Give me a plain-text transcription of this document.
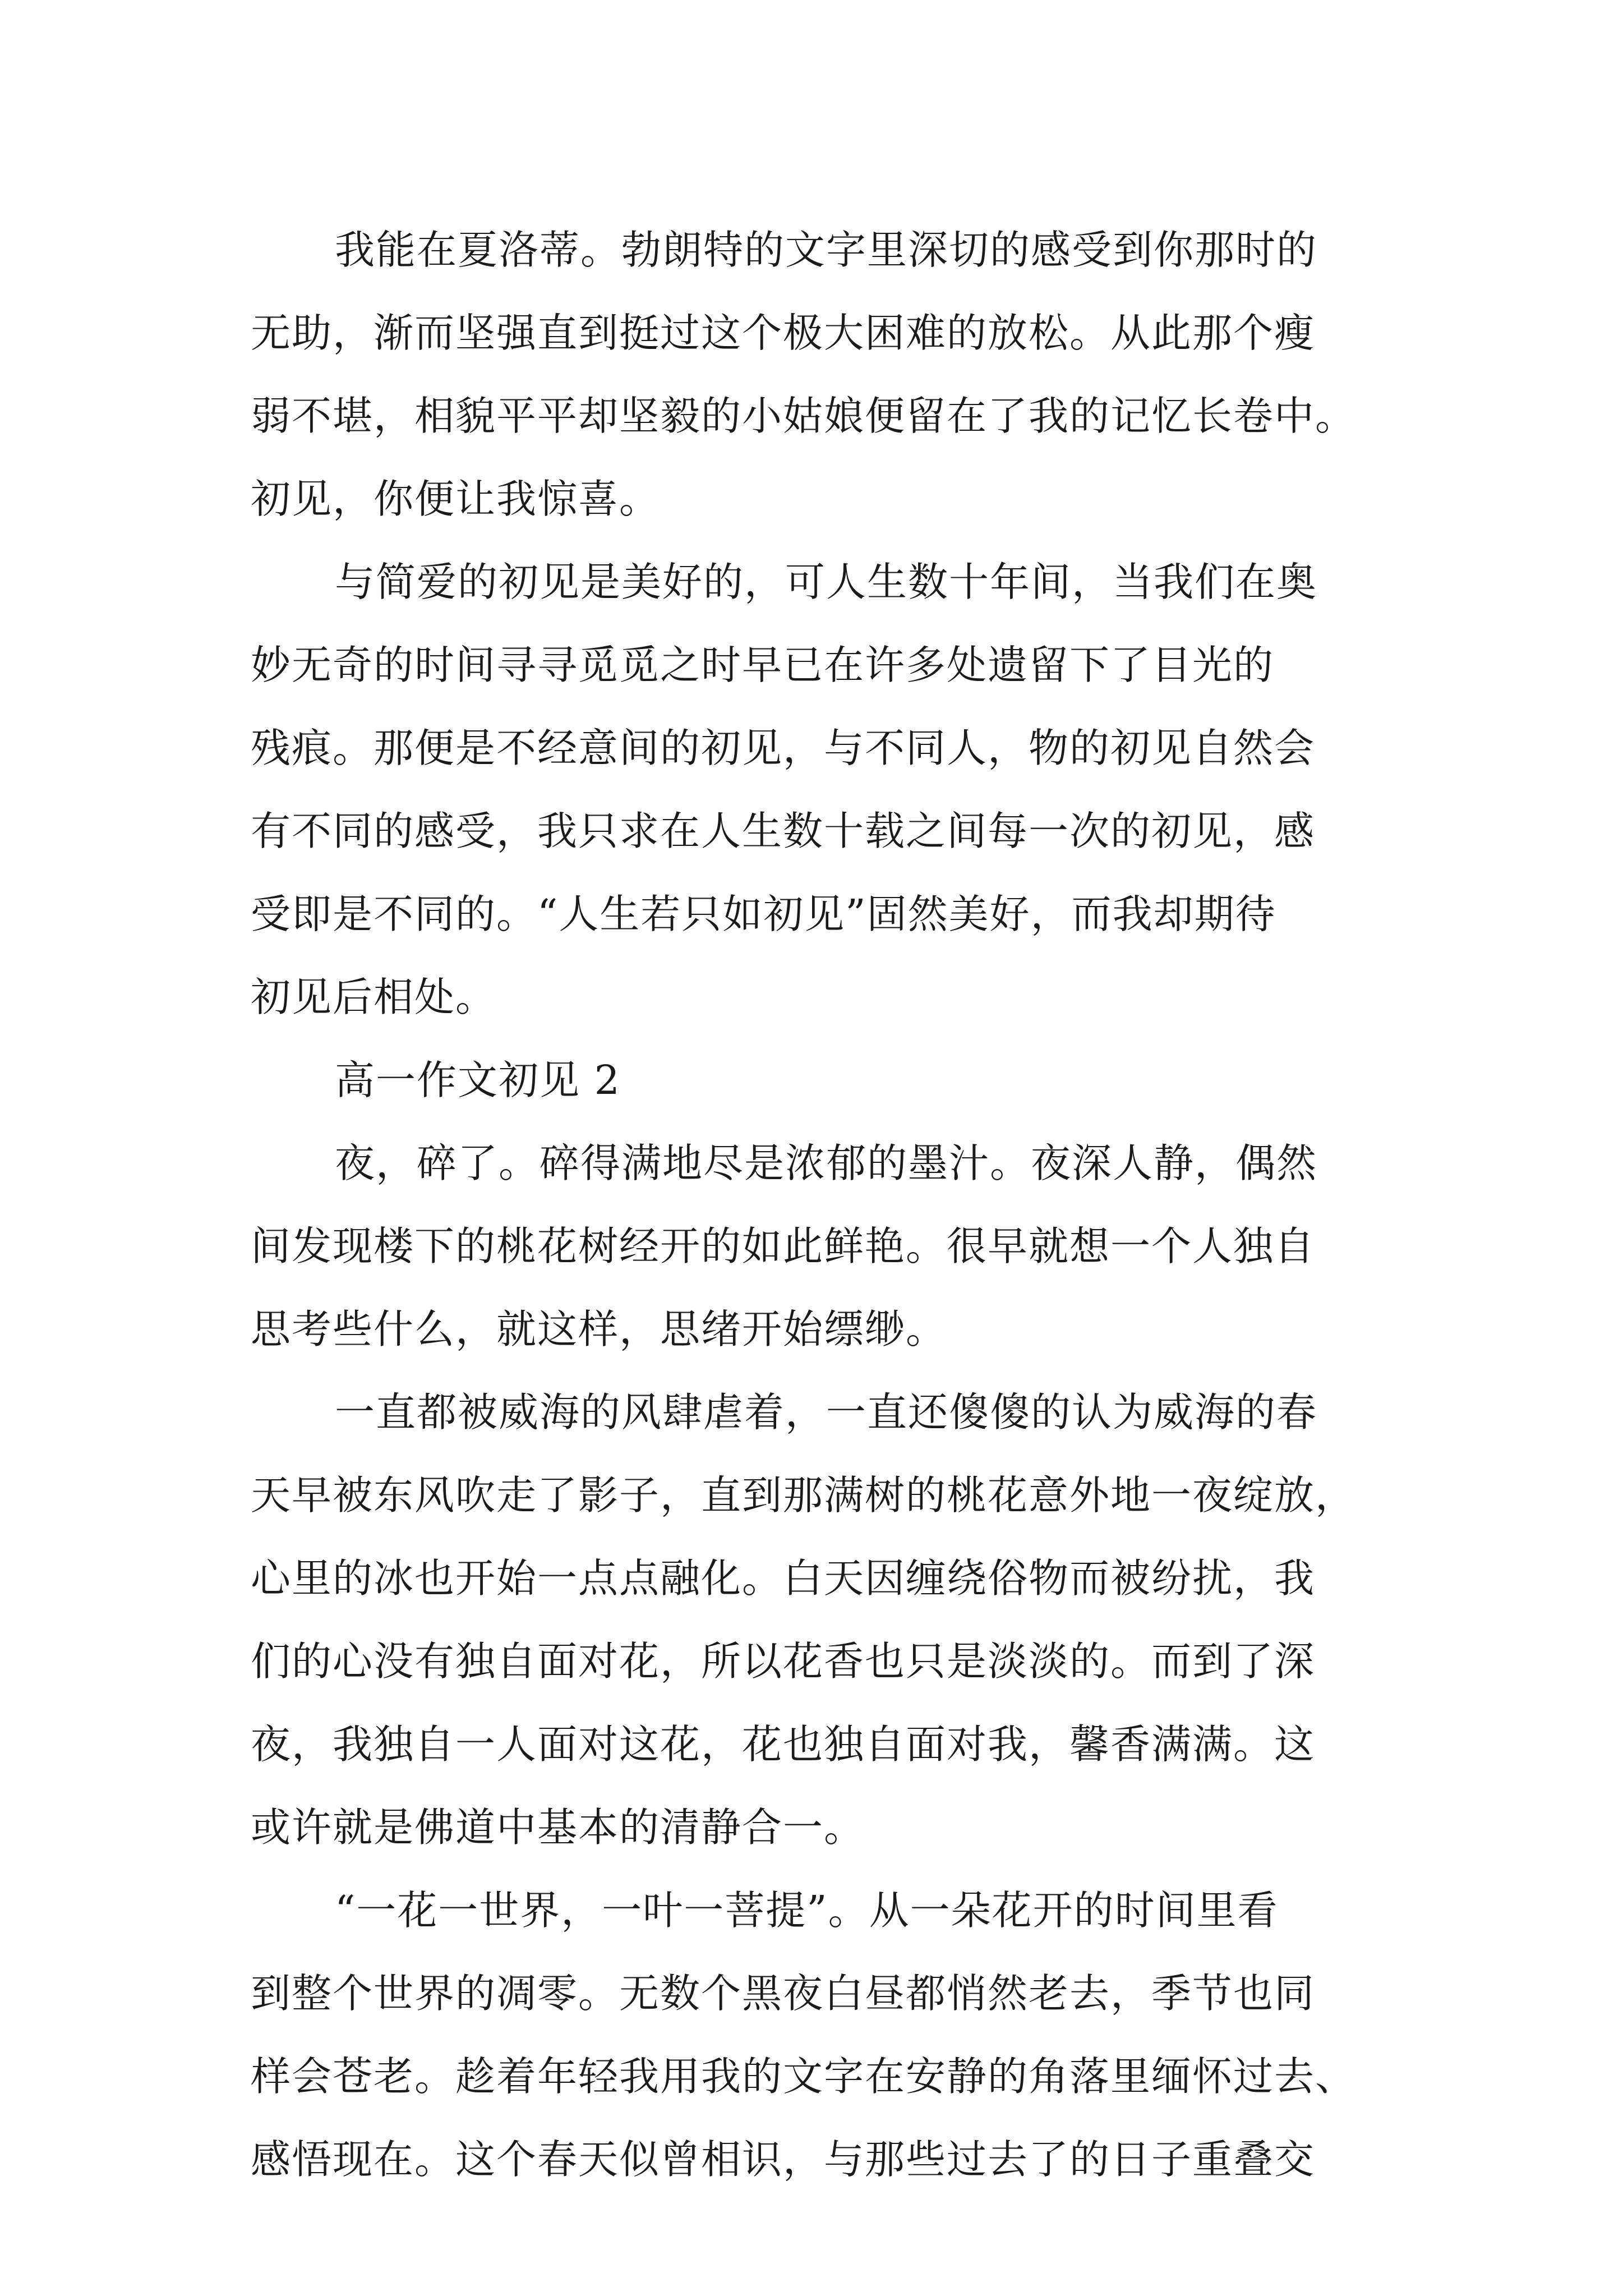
我能在夏洛蒂。勃朗特的文字里深切的感受到你那时的
无助，渐而坚强直到挺过这个极大困难的放松。从此那个瘦
弱不堪，相貌平平却坚毅的小姑娘便留在了我的记忆长卷中。
初见，你便让我惊喜。
与简爱的初见是美好的，可人生数十年间，当我们在奥
妙无奇的时间寻寻觅觅之时早已在许多处遗留下了目光的
残痕。那便是不经意间的初见，与不同人，物的初见自然会
有不同的感受，我只求在人生数十载之间每一次的初见，感
受即是不同的。“人生若只如初见”固然美好，而我却期待
初见后相处。
高一作文初见 2
夜，碎了。碎得满地尽是浓郁的墨汁。夜深人静，偶然
间发现楼下的桃花树经开的如此鲜艳。很早就想一个人独自
思考些什么，就这样，思绪开始缥缈。
一直都被威海的风肆虐着，一直还傻傻的认为威海的春
天早被东风吹走了影子，直到那满树的桃花意外地一夜绽放，
心里的冰也开始一点点融化。白天因缠绕俗物而被纷扰，我
们的心没有独自面对花，所以花香也只是淡淡的。而到了深
夜，我独自一人面对这花，花也独自面对我，馨香满满。这
或许就是佛道中基本的清静合一。
“一花一世界，一叶一菩提”。从一朵花开的时间里看
到整个世界的凋零。无数个黑夜白昼都悄然老去，季节也同
样会苍老。趁着年轻我用我的文字在安静的角落里缅怀过去、
感悟现在。这个春天似曾相识，与那些过去了的日子重叠交
